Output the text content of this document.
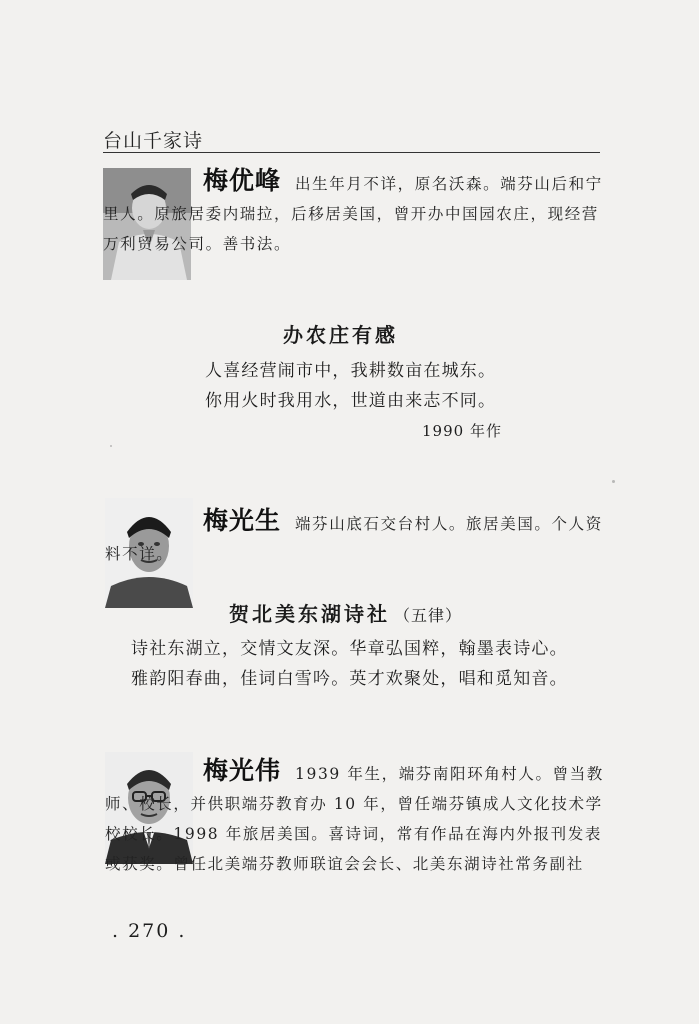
台山千家诗
梅优峰 出生年月不详，原名沃森。端芬山后和宁里人。原旅居委内瑞拉，后移居美国，曾开办中国园农庄，现经营万利贸易公司。善书法。
办农庄有感
人喜经营闹市中，我耕数亩在城东。
你用火时我用水，世道由来志不同。
1990 年作
梅光生 端芬山底石交台村人。旅居美国。个人资料不详。
贺北美东湖诗社 （五律）
诗社东湖立，交情文友深。华章弘国粹，翰墨表诗心。
雅韵阳春曲，佳词白雪吟。英才欢聚处，唱和觅知音。
梅光伟 1939 年生，端芬南阳环角村人。曾当教师、校长，并供职端芬教育办 10 年，曾任端芬镇成人文化技术学校校长。1998 年旅居美国。喜诗词，常有作品在海内外报刊发表或获奖。曾任北美端芬教师联谊会会长、北美东湖诗社常务副社
. 270 .
